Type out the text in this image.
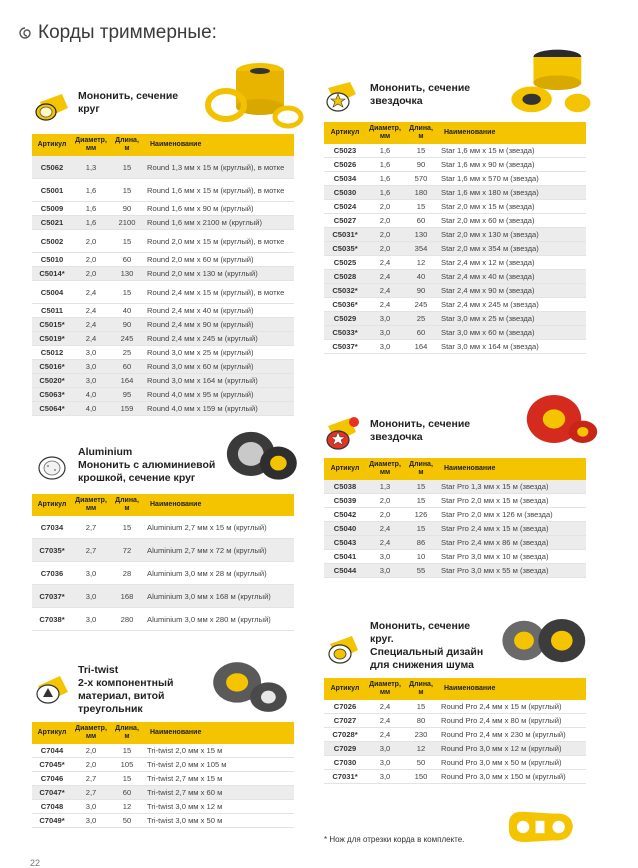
Корды триммерные:
Мононить, сечение
круг
Артикул	Диаметр, мм	Длина, м	Наименование
C5062	1,3	15	Round 1,3 мм х 15 м (круглый), в мотке
C5001	1,6	15	Round 1,6 мм х 15 м (круглый), в мотке
C5009	1,6	90	Round 1,6 мм х 90 м (круглый)
C5021	1,6	2100	Round 1,6 мм х 2100 м (круглый)
C5002	2,0	15	Round 2,0 мм х 15 м (круглый), в мотке
C5010	2,0	60	Round 2,0 мм х 60 м (круглый)
C5014*	2,0	130	Round 2,0 мм х 130 м (круглый)
C5004	2,4	15	Round 2,4 мм х 15 м (круглый), в мотке
C5011	2,4	40	Round 2,4 мм х 40 м (круглый)
C5015*	2,4	90	Round 2,4 мм х 90 м (круглый)
C5019*	2,4	245	Round 2,4 мм х 245 м (круглый)
C5012	3,0	25	Round 3,0 мм х 25 м (круглый)
C5016*	3,0	60	Round 3,0 мм х 60 м (круглый)
C5020*	3,0	164	Round 3,0 мм х 164 м (круглый)
C5063*	4,0	95	Round 4,0 мм х 95 м (круглый)
C5064*	4,0	159	Round 4,0 мм х 159 м (круглый)
Aluminium
Мононить с алюминиевой
крошкой, сечение круг
Артикул	Диаметр, мм	Длина, м	Наименование
C7034	2,7	15	Aluminium 2,7 мм х 15 м (круглый)
C7035*	2,7	72	Aluminium 2,7 мм х 72 м (круглый)
C7036	3,0	28	Aluminium 3,0 мм х 28 м (круглый)
C7037*	3,0	168	Aluminium 3,0 мм х 168 м (круглый)
C7038*	3,0	280	Aluminium 3,0 мм х 280 м (круглый)
Tri-twist
2-х компонентный
материал, витой
треугольник
Артикул	Диаметр, мм	Длина, м	Наименование
C7044	2,0	15	Tri-twist 2,0 мм х 15 м
C7045*	2,0	105	Tri-twist 2,0 мм х 105 м
C7046	2,7	15	Tri-twist 2,7 мм х 15 м
C7047*	2,7	60	Tri-twist 2,7 мм х 60 м
C7048	3,0	12	Tri-twist 3,0 мм х 12 м
C7049*	3,0	50	Tri-twist 3,0 мм х 50 м
Мононить, сечение
звездочка
Артикул	Диаметр, мм	Длина, м	Наименование
C5023	1,6	15	Star 1,6 мм х 15 м (звезда)
C5026	1,6	90	Star 1,6 мм х 90 м (звезда)
C5034	1,6	570	Star 1,6 мм х 570 м (звезда)
C5030	1,6	180	Star 1,6 мм х 180 м (звезда)
C5024	2,0	15	Star 2,0 мм х 15 м (звезда)
C5027	2,0	60	Star 2,0 мм х 60 м (звезда)
C5031*	2,0	130	Star 2,0 мм х 130 м (звезда)
C5035*	2,0	354	Star 2,0 мм х 354 м (звезда)
C5025	2,4	12	Star 2,4 мм х 12 м (звезда)
C5028	2,4	40	Star 2,4 мм х 40 м (звезда)
C5032*	2,4	90	Star 2,4 мм х 90 м (звезда)
C5036*	2,4	245	Star 2,4 мм х 245 м (звезда)
C5029	3,0	25	Star 3,0 мм х 25 м (звезда)
C5033*	3,0	60	Star 3,0 мм х 60 м (звезда)
C5037*	3,0	164	Star 3,0 мм х 164 м (звезда)
Мононить, сечение
звездочка
Артикул	Диаметр, мм	Длина, м	Наименование
C5038	1,3	15	Star Pro 1,3 мм х 15 м (звезда)
C5039	2,0	15	Star Pro 2,0 мм х 15 м (звезда)
C5042	2,0	126	Star Pro 2,0 мм х 126 м (звезда)
C5040	2,4	15	Star Pro 2,4 мм х 15 м (звезда)
C5043	2,4	86	Star Pro 2,4 мм х 86 м (звезда)
C5041	3,0	10	Star Pro 3,0 мм х 10 м (звезда)
C5044	3,0	55	Star Pro 3,0 мм х 55 м (звезда)
Мононить, сечение
круг.
Специальный дизайн
для снижения шума
Артикул	Диаметр, мм	Длина, м	Наименование
C7026	2,4	15	Round Pro 2,4 мм х 15 м (круглый)
C7027	2,4	80	Round Pro 2,4 мм х 80 м (круглый)
C7028*	2,4	230	Round Pro 2,4 мм х 230 м (круглый)
C7029	3,0	12	Round Pro 3,0 мм х 12 м (круглый)
C7030	3,0	50	Round Pro 3,0 мм х 50 м (круглый)
C7031*	3,0	150	Round Pro 3,0 мм х 150 м (круглый)
* Нож для отрезки корда в комплекте.
22
